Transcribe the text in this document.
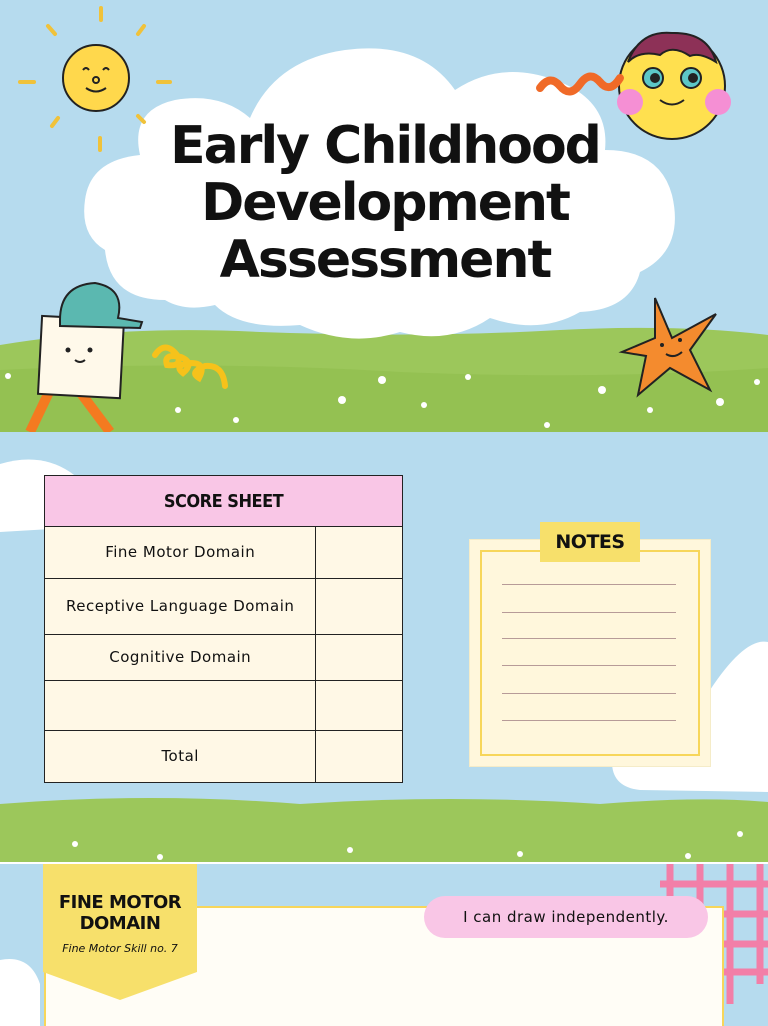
Early Childhood
Development
Assessment
SCORE SHEET	
Fine Motor Domain	
Receptive Language Domain	
Cognitive Domain	

Total	
NOTES
FINE MOTOR DOMAIN
Fine Motor Skill no. 7
I can draw independently.
